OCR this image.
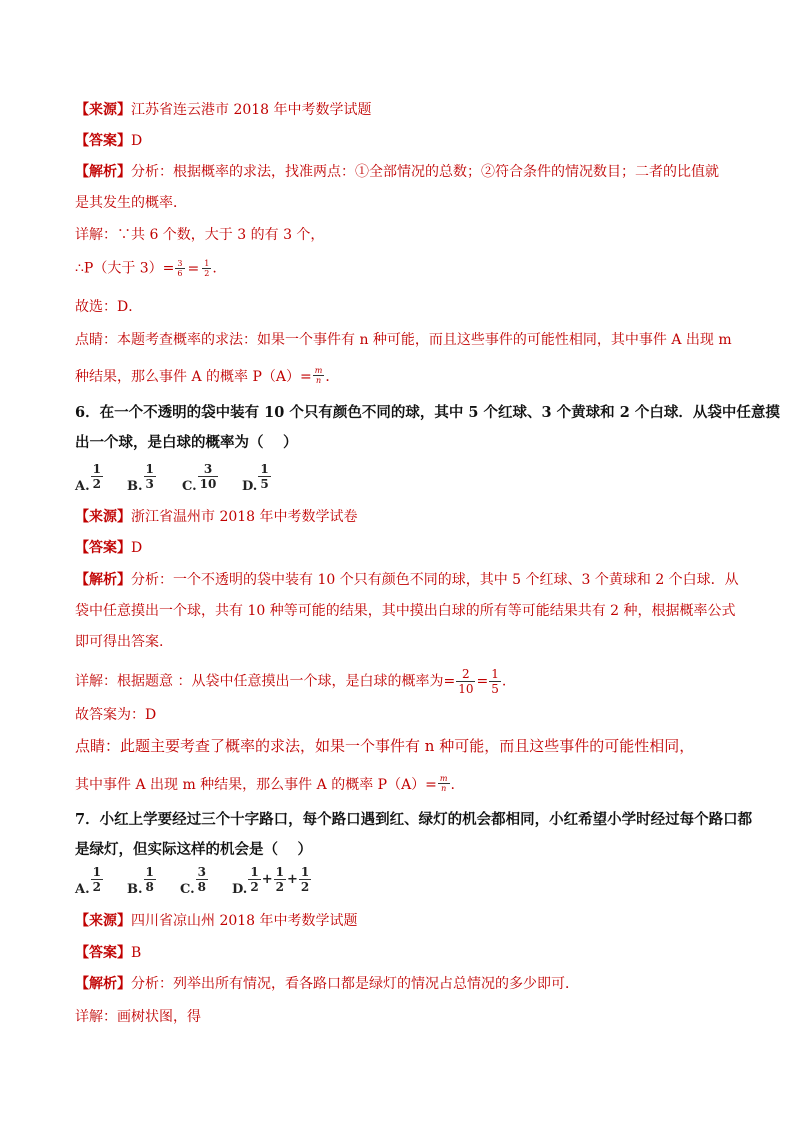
【来源】江苏省连云港市 2018 年中考数学试题
【答案】D
【解析】分析：根据概率的求法，找准两点：①全部情况的总数；②符合条件的情况数目；二者的比值就
是其发生的概率．
详解：∵共 6 个数，大于 3 的有 3 个，
∴P（大于 $3)= \frac{3}{6} = \frac{1}{2}$ .
故选：D．
点睛：本题考查概率的求法：如果一个事件有 n 种可能，而且这些事件的可能性相同，其中事件 A 出现 m
种结果，那么事件 A 的概率 $P(A)= \frac{m}{n}$ ．
6．在一个不透明的袋中装有 10 个只有颜色不同的球，其中 5 个红球、3 个黄球和 2 个白球．从袋中任意摸
出一个球，是白球的概率为（　 ）
A. $\frac{1}{2} B$. $\frac{1}{3} C$. $\frac{3}{10} D$. $\frac{1}{5}$
【来源】浙江省温州市 2018 年中考数学试卷
【答案】D
【解析】分析：一个不透明的袋中装有 10 个只有颜色不同的球，其中 5 个红球、3 个黄球和 2 个白球．从
袋中任意摸出一个球，共有 10 种等可能的结果，其中摸出白球的所有等可能结果共有 2 种，根据概率公式
即可得出答案.
详解：根据题意 ：从袋中任意摸出一个球，是白球的概率为= $\frac{2}{10} = \frac{1}{5}$ .
故答案为：D
点睛：此题主要考查了概率的求法，如果一个事件有 n 种可能，而且这些事件的可能性相同，
其中事件 A 出现 m 种结果，那么事件 A 的概率 $P(A)= \frac{m}{n}$ .
7．小红上学要经过三个十字路口，每个路口遇到红、绿灯的机会都相同，小红希望小学时经过每个路口都
是绿灯，但实际这样的机会是（　 ）
A. $\frac{1}{2} B$. $\frac{1}{8} C$. $\frac{3}{8} D$. $\frac{1}{2} + \frac{1}{2} + \frac{1}{2}$
【来源】四川省凉山州 2018 年中考数学试题
【答案】B
【解析】分析：列举出所有情况，看各路口都是绿灯的情况占总情况的多少即可．
详解：画树状图，得
